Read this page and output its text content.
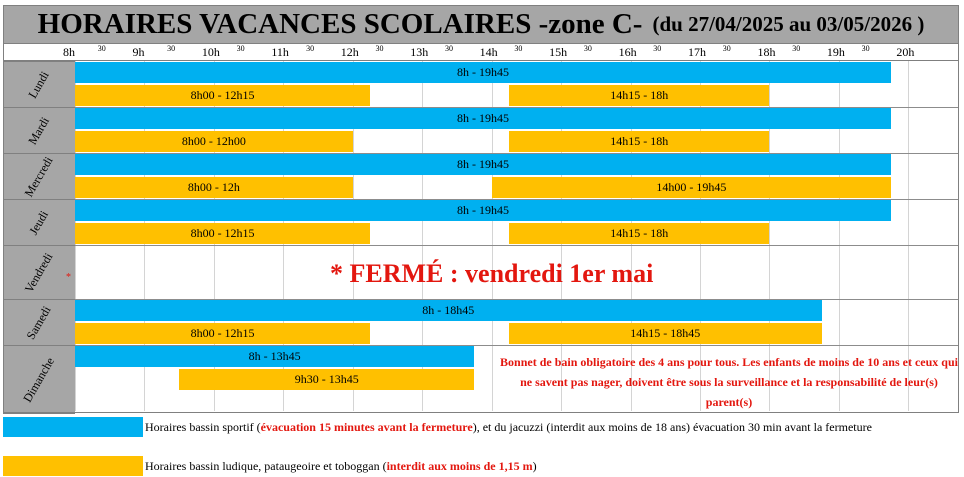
HORAIRES VACANCES SCOLAIRES -zone C- (du 27/04/2025 au 03/05/2026 )
8h	30 9h	30 10h 30 11h 30 12h 30 13h 30 14h 30 15h 30 16h 30 17h 30 18h 30 19h 30 20h
Lundi	8h - 19h45
8h00 - 12h15	14h15 - 18h
Mardi	8h - 19h45
8h00 - 12h00	14h15 - 18h
Mercredi	8h - 19h45
8h00 - 12h	14h00 - 19h45
Jeudi	8h - 19h45
8h00 - 12h15	14h15 - 18h
Vendredi
Samedi	8h - 18h45
8h00 - 12h15	14h15 - 18h45
Dimanche	8h - 13h45
9h30 - 13h45
* FERMÉ : vendredi 1er mai
*
Bonnet de bain obligatoire des 4 ans pour tous. Les enfants de moins de 10 ans et ceux qui ne savent pas nager, doivent être sous la surveillance et la responsabilité de leur(s) parent(s)
Horaires bassin sportif (évacuation 15 minutes avant la fermeture), et du jacuzzi (interdit aux moins de 18 ans) évacuation 30 min avant la fermeture
Horaires bassin ludique, pataugeoire et toboggan (interdit aux moins de 1,15 m)
